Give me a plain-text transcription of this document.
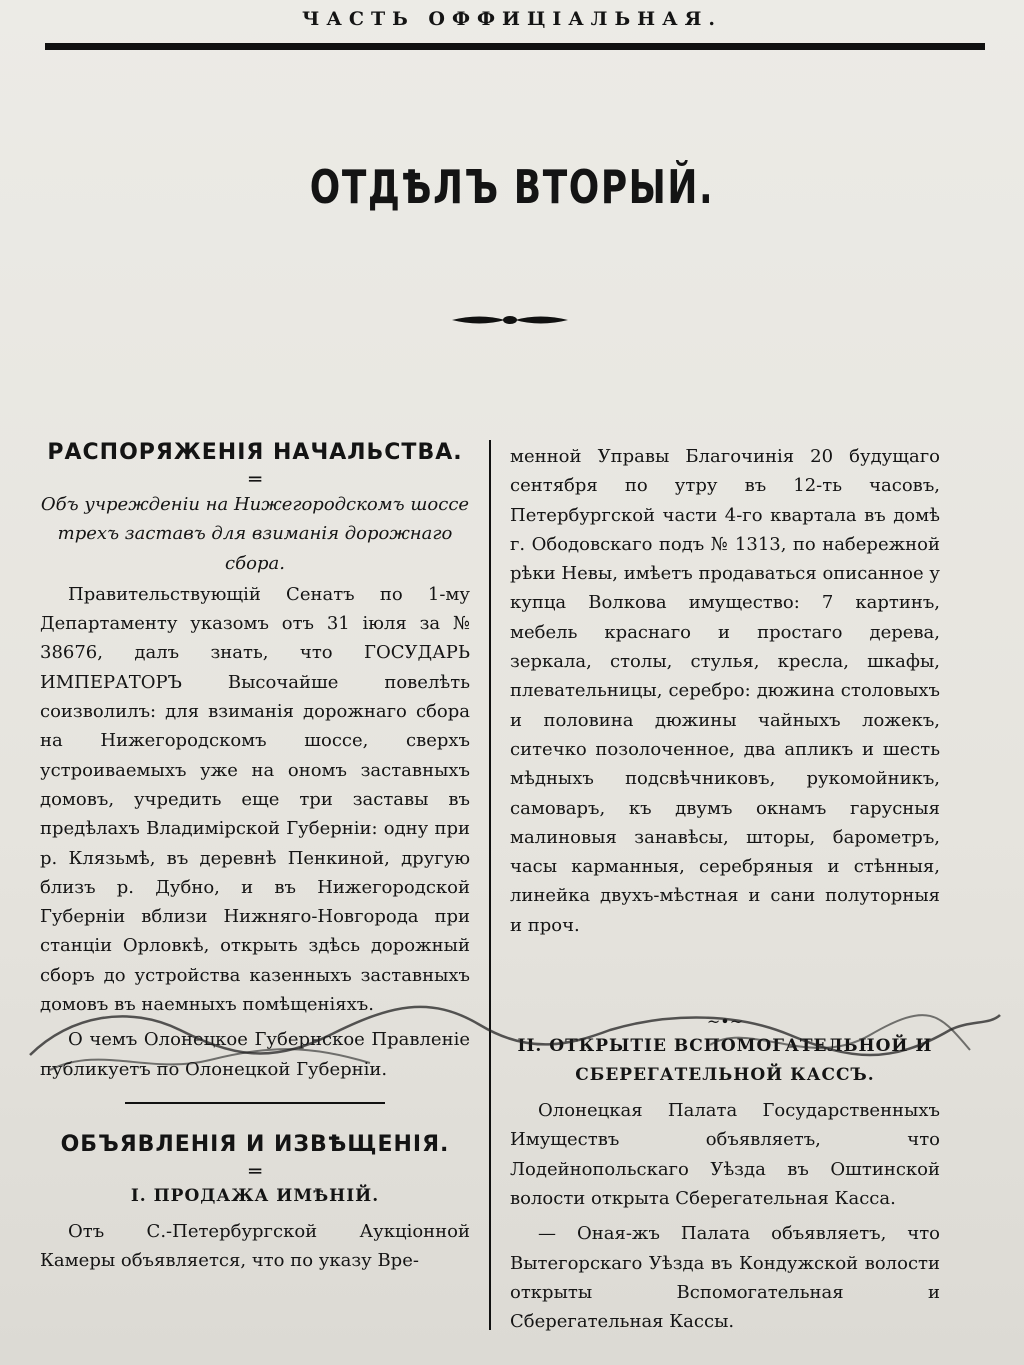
ЧАСТЬ ОФФИЦІАЛЬНАЯ.
ОТДѢЛЪ ВТОРЫЙ.

РАСПОРЯЖЕНІЯ НАЧАЛЬСТВА.

═

Объ учрежденіи на Нижегородскомъ шоссе трехъ заставъ для взиманія дорожнаго сбора.

Правительствующій Сенатъ по 1-му Департаменту указомъ отъ 31 іюля за № 38676, далъ знать, что ГОСУДАРЬ ИМПЕРАТОРЪ Высочайше повелѣть соизволилъ: для взиманія дорожнаго сбора на Нижегородскомъ шоссе, сверхъ устроиваемыхъ уже на ономъ заставныхъ домовъ, учредить еще три заставы въ предѣлахъ Владимірской Губерніи: одну при р. Клязьмѣ, въ деревнѣ Пенкиной, другую близъ р. Дубно, и въ Нижегородской Губерніи вблизи Нижняго-Новгорода при станціи Орловкѣ, открыть здѣсь дорожный сборъ до устройства казенныхъ заставныхъ домовъ въ наемныхъ помѣщеніяхъ.

О чемъ Олонецкое Губернское Правленіе публикуетъ по Олонецкой Губерніи.

ОБЪЯВЛЕНІЯ И ИЗВѢЩЕНІЯ.

═

I. ПРОДАЖА ИМѢНІЙ.

Отъ С.-Петербургской Аукціонной Камеры объявляется, что по указу Вре-

менной Управы Благочинія 20 будущаго сентября по утру въ 12-ть часовъ, Петербургской части 4-го квартала въ домѣ г. Ободовскаго подъ № 1313, по набережной рѣки Невы, имѣетъ продаваться описанное у купца Волкова имущество: 7 картинъ, мебель краснаго и простаго дерева, зеркала, столы, стулья, кресла, шкафы, плевательницы, серебро: дюжина столовыхъ и половина дюжины чайныхъ ложекъ, ситечко позолоченное, два апликъ и шесть мѣдныхъ подсвѣчниковъ, рукомойникъ, самоваръ, къ двумъ окнамъ гарусныя малиновыя занавѣсы, шторы, барометръ, часы карманныя, серебряныя и стѣнныя, линейка двухъ-мѣстная и сани полуторныя и проч.

~•~

II. ОТКРЫТІЕ ВСПОМОГАТЕЛЬНОЙ И СБЕРЕГАТЕЛЬНОЙ КАССЪ.

Олонецкая Палата Государственныхъ Имуществъ объявляетъ, что Лодейнопольскаго Уѣзда въ Оштинской волости открыта Сберегательная Касса.

— Оная-жъ Палата объявляетъ, что Вытегорскаго Уѣзда въ Кондужской волости открыты Вспомогательная и Сберегательная Кассы.
